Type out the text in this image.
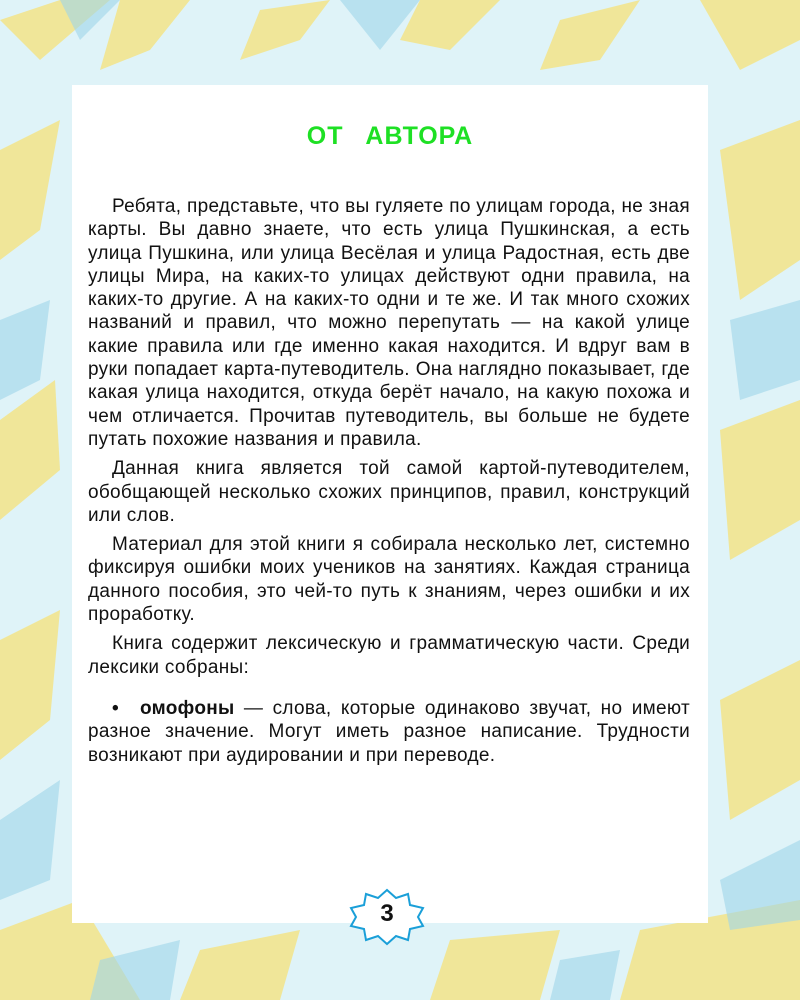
ОТ АВТОРА

Ребята, представьте, что вы гуляете по улицам города, не зная карты. Вы давно знаете, что есть улица Пушкинская, а есть улица Пушкина, или улица Весёлая и улица Радостная, есть две улицы Мира, на каких-то улицах действуют одни правила, на каких-то другие. А на каких-то одни и те же. И так много схожих названий и правил, что можно перепутать — на какой улице какие правила или где именно какая находится. И вдруг вам в руки попадает карта-путеводитель. Она наглядно показывает, где какая улица находится, откуда берёт начало, на какую похожа и чем отличается. Прочитав путеводитель, вы больше не будете путать похожие названия и правила.

Данная книга является той самой картой-путеводителем, обобщающей несколько схожих принципов, правил, конструкций или слов.

Материал для этой книги я собирала несколько лет, системно фиксируя ошибки моих учеников на занятиях. Каждая страница данного пособия, это чей-то путь к знаниям, через ошибки и их проработку.

Книга содержит лексическую и грамматическую части. Среди лексики собраны:

• омофоны — слова, которые одинаково звучат, но имеют разное значение. Могут иметь разное написание. Трудности возникают при аудировании и при переводе.

3
